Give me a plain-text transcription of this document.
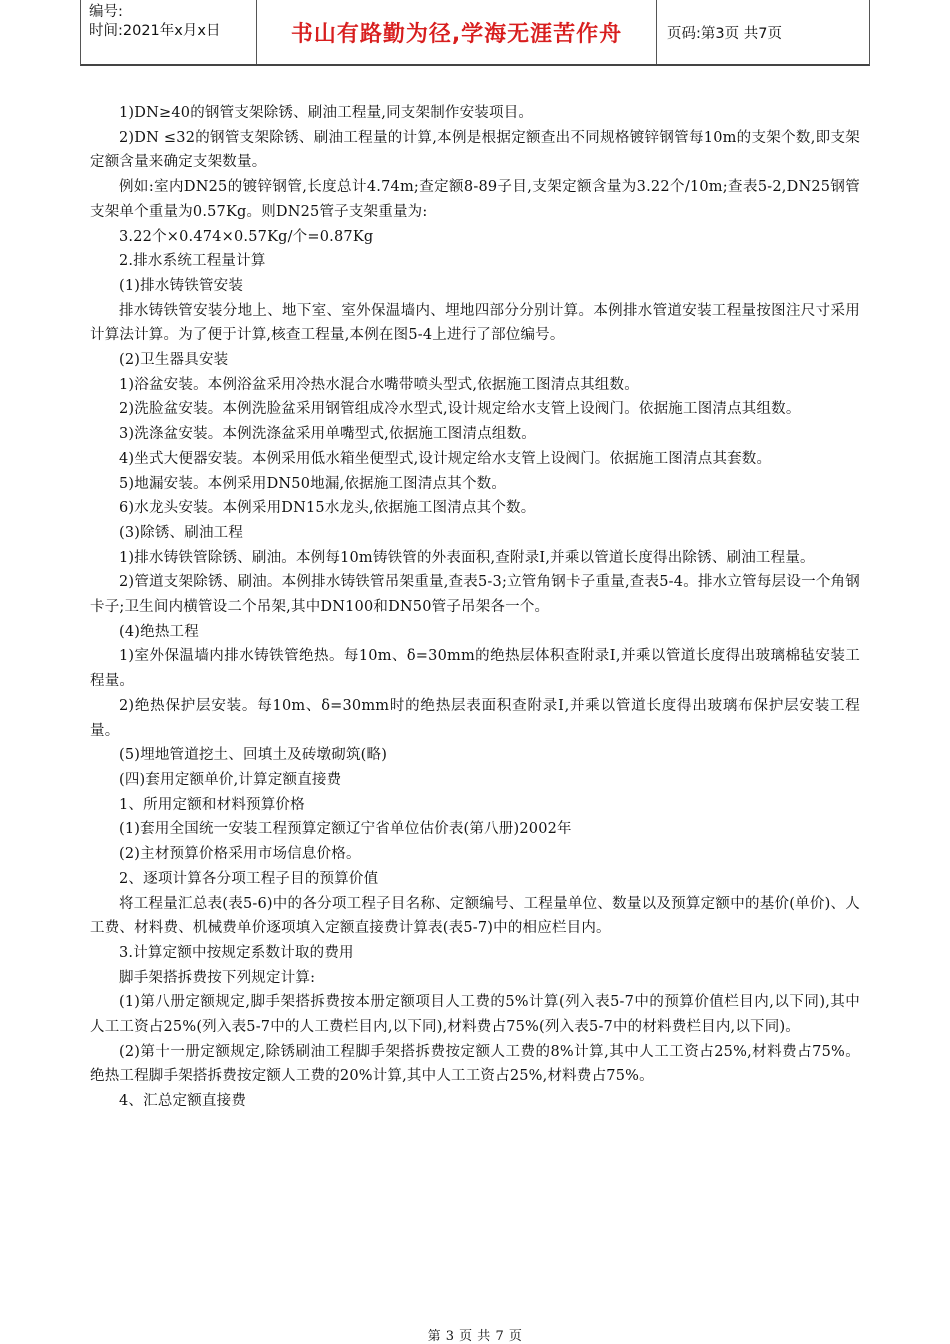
编号:
时间:2021年x月x日	书山有路勤为径,学海无涯苦作舟	页码:第3页 共7页

1)DN≥40的钢管支架除锈、刷油工程量,同支架制作安装项目。

2)DN ≤32的钢管支架除锈、刷油工程量的计算,本例是根据定额查出不同规格镀锌钢管每10m的支架个数,即支架定额含量来确定支架数量。

例如:室内DN25的镀锌钢管,长度总计4.74m;查定额8-89子目,支架定额含量为3.22个/10m;查表5-2,DN25钢管支架单个重量为0.57Kg。则DN25管子支架重量为:

3.22个×0.474×0.57Kg/个=0.87Kg

2.排水系统工程量计算

(1)排水铸铁管安装

排水铸铁管安装分地上、地下室、室外保温墙内、埋地四部分分别计算。本例排水管道安装工程量按图注尺寸采用计算法计算。为了便于计算,核查工程量,本例在图5-4上进行了部位编号。

(2)卫生器具安装

1)浴盆安装。本例浴盆采用冷热水混合水嘴带喷头型式,依据施工图清点其组数。

2)洗脸盆安装。本例洗脸盆采用钢管组成冷水型式,设计规定给水支管上设阀门。依据施工图清点其组数。

3)洗涤盆安装。本例洗涤盆采用单嘴型式,依据施工图清点组数。

4)坐式大便器安装。本例采用低水箱坐便型式,设计规定给水支管上设阀门。依据施工图清点其套数。

5)地漏安装。本例采用DN50地漏,依据施工图清点其个数。

6)水龙头安装。本例采用DN15水龙头,依据施工图清点其个数。

(3)除锈、刷油工程

1)排水铸铁管除锈、刷油。本例每10m铸铁管的外表面积,查附录Ⅰ,并乘以管道长度得出除锈、刷油工程量。

2)管道支架除锈、刷油。本例排水铸铁管吊架重量,查表5-3;立管角钢卡子重量,查表5-4。排水立管每层设一个角钢卡子;卫生间内横管设二个吊架,其中DN100和DN50管子吊架各一个。

(4)绝热工程

1)室外保温墙内排水铸铁管绝热。每10m、δ=30mm的绝热层体积查附录Ⅰ,并乘以管道长度得出玻璃棉毡安装工程量。

2)绝热保护层安装。每10m、δ=30mm时的绝热层表面积查附录Ⅰ,并乘以管道长度得出玻璃布保护层安装工程量。

(5)埋地管道挖土、回填土及砖墩砌筑(略)

(四)套用定额单价,计算定额直接费

1、所用定额和材料预算价格

(1)套用全国统一安装工程预算定额辽宁省单位估价表(第八册)2002年

(2)主材预算价格采用市场信息价格。

2、逐项计算各分项工程子目的预算价值

将工程量汇总表(表5-6)中的各分项工程子目名称、定额编号、工程量单位、数量以及预算定额中的基价(单价)、人工费、材料费、机械费单价逐项填入定额直接费计算表(表5-7)中的相应栏目内。

3.计算定额中按规定系数计取的费用

脚手架搭拆费按下列规定计算:

(1)第八册定额规定,脚手架搭拆费按本册定额项目人工费的5%计算(列入表5-7中的预算价值栏目内,以下同),其中人工工资占25%(列入表5-7中的人工费栏目内,以下同),材料费占75%(列入表5-7中的材料费栏目内,以下同)。

(2)第十一册定额规定,除锈刷油工程脚手架搭拆费按定额人工费的8%计算,其中人工工资占25%,材料费占75%。绝热工程脚手架搭拆费按定额人工费的20%计算,其中人工工资占25%,材料费占75%。

4、汇总定额直接费

第 3 页 共 7 页
